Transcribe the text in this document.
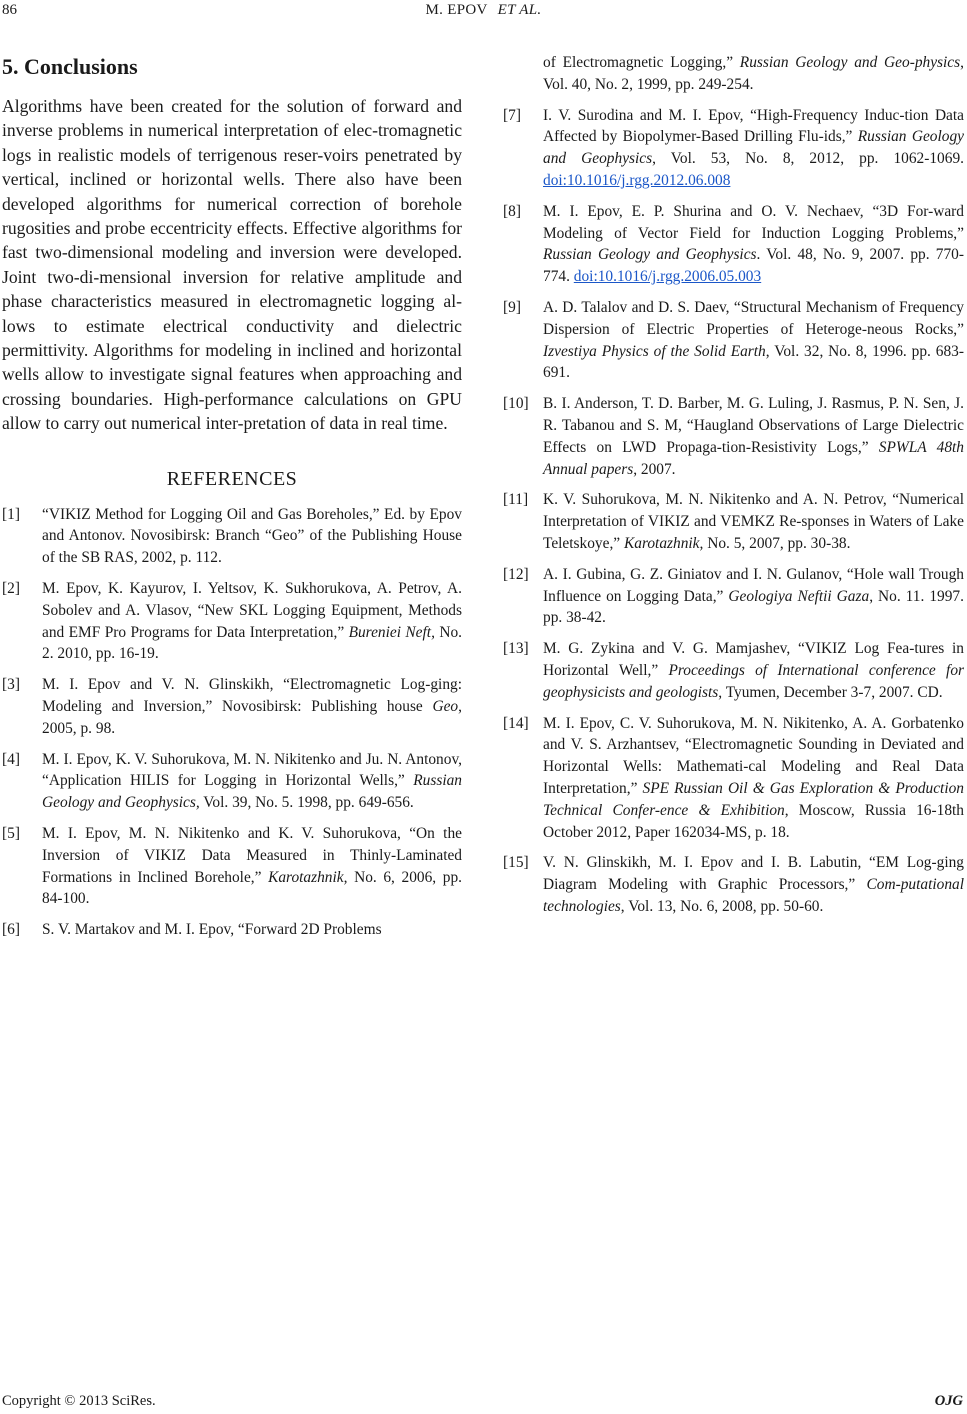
86	M. EPOV ET AL.
5. Conclusions

Algorithms have been created for the solution of forward and inverse problems in numerical interpretation of elec-tromagnetic logs in realistic models of terrigenous reser-voirs penetrated by vertical, inclined or horizontal wells. There also have been developed algorithms for numerical correction of borehole rugosities and probe eccentricity effects. Effective algorithms for fast two-dimensional modeling and inversion were developed. Joint two-di-mensional inversion for relative amplitude and phase characteristics measured in electromagnetic logging al-lows to estimate electrical conductivity and dielectric permittivity. Algorithms for modeling in inclined and horizontal wells allow to investigate signal features when approaching and crossing boundaries. High-performance calculations on GPU allow to carry out numerical inter-pretation of data in real time.

REFERENCES
[1]	“VIKIZ Method for Logging Oil and Gas Boreholes,” Ed. by Epov and Antonov. Novosibirsk: Branch “Geo” of the Publishing House of the SB RAS, 2002, p. 112.
[2]	M. Epov, K. Kayurov, I. Yeltsov, K. Sukhorukova, A. Petrov, A. Sobolev and A. Vlasov, “New SKL Logging Equipment, Methods and EMF Pro Programs for Data Interpretation,” Bureniei Neft, No. 2. 2010, pp. 16-19.
[3]	M. I. Epov and V. N. Glinskikh, “Electromagnetic Log-ging: Modeling and Inversion,” Novosibirsk: Publishing house Geo, 2005, p. 98.
[4]	M. I. Epov, K. V. Suhorukova, M. N. Nikitenko and Ju. N. Antonov, “Application HILIS for Logging in Horizontal Wells,” Russian Geology and Geophysics, Vol. 39, No. 5. 1998, pp. 649-656.
[5]	M. I. Epov, M. N. Nikitenko and K. V. Suhorukova, “On the Inversion of VIKIZ Data Measured in Thinly-Laminated Formations in Inclined Borehole,” Karotazhnik, No. 6, 2006, pp. 84-100.
[6]	S. V. Martakov and M. I. Epov, “Forward 2D Problems
of Electromagnetic Logging,” Russian Geology and Geo-physics, Vol. 40, No. 2, 1999, pp. 249-254.
[7]	I. V. Surodina and M. I. Epov, “High-Frequency Induc-tion Data Affected by Biopolymer-Based Drilling Flu-ids,” Russian Geology and Geophysics, Vol. 53, No. 8, 2012, pp. 1062-1069. doi:10.1016/j.rgg.2012.06.008
[8]	M. I. Epov, E. P. Shurina and O. V. Nechaev, “3D For-ward Modeling of Vector Field for Induction Logging Problems,” Russian Geology and Geophysics. Vol. 48, No. 9, 2007. pp. 770-774. doi:10.1016/j.rgg.2006.05.003
[9]	A. D. Talalov and D. S. Daev, “Structural Mechanism of Frequency Dispersion of Electric Properties of Heteroge-neous Rocks,” Izvestiya Physics of the Solid Earth, Vol. 32, No. 8, 1996. pp. 683-691.
[10] B. I. Anderson, T. D. Barber, M. G. Luling, J. Rasmus, P. N. Sen, J. R. Tabanou and S. M, “Haugland Observations of Large Dielectric Effects on LWD Propaga-tion-Resistivity Logs,” SPWLA 48th Annual papers, 2007.
[11] K. V. Suhorukova, M. N. Nikitenko and A. N. Petrov, “Numerical Interpretation of VIKIZ and VEMKZ Re-sponses in Waters of Lake Teletskoye,” Karotazhnik, No. 5, 2007, pp. 30-38.
[12] A. I. Gubina, G. Z. Giniatov and I. N. Gulanov, “Hole wall Trough Influence on Logging Data,” Geologiya Neftii Gaza, No. 11. 1997. pp. 38-42.
[13] M. G. Zykina and V. G. Mamjashev, “VIKIZ Log Fea-tures in Horizontal Well,” Proceedings of International conference for geophysicists and geologists, Tyumen, December 3-7, 2007. CD.
[14] M. I. Epov, C. V. Suhorukova, M. N. Nikitenko, A. A. Gorbatenko and V. S. Arzhantsev, “Electromagnetic Sounding in Deviated and Horizontal Wells: Mathemati-cal Modeling and Real Data Interpretation,” SPE Russian Oil & Gas Exploration & Production Technical Confer-ence & Exhibition, Moscow, Russia 16-18th October 2012, Paper 162034-MS, p. 18.
[15] V. N. Glinskikh, M. I. Epov and I. B. Labutin, “EM Log-ging Diagram Modeling with Graphic Processors,” Com-putational technologies, Vol. 13, No. 6, 2008, pp. 50-60.
Copyright © 2013 SciRes.	OJG
